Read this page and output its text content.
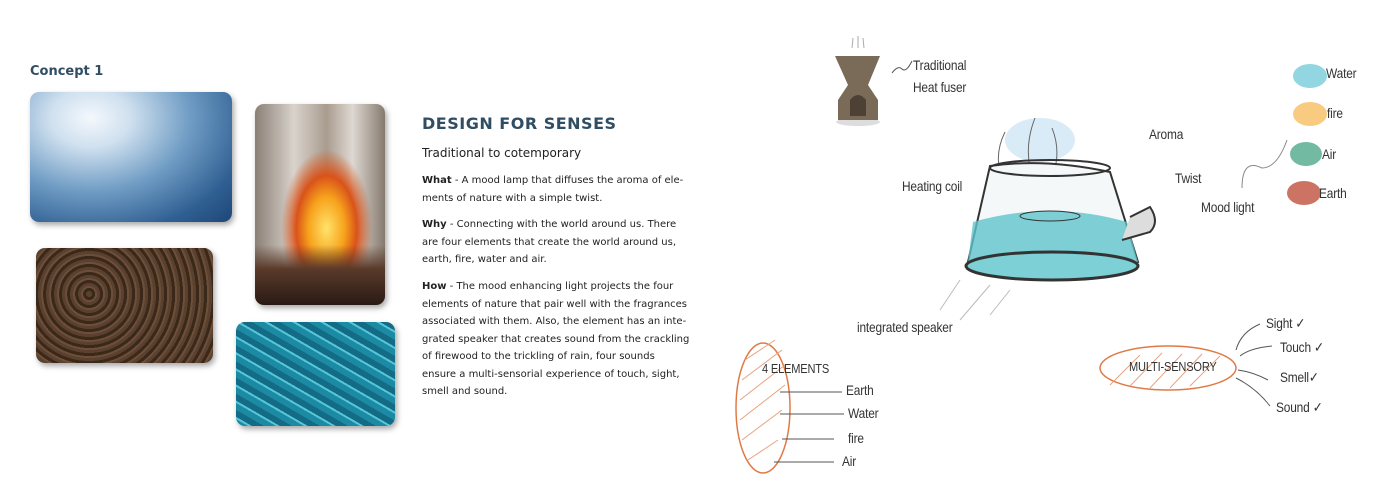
Concept 1
DESIGN FOR SENSES
Traditional to cotemporary
What - A mood lamp that diffuses the aroma of ele-ments of nature with a simple twist.
Why - Connecting with the world around us. There are four elements that create the world around us, earth, fire, water and air.
How - The mood enhancing light projects the four elements of nature that pair well with the fragrances associated with them. Also, the element has an inte-grated speaker that creates sound from the crackling of firewood to the trickling of rain, four sounds ensure a multi-sensorial experience of touch, sight, smell and sound.
Traditional
Heat fuser
Aroma
Heating coil	Twist
Mood light
integrated speaker
Water
fire
Air
Earth
4 ELEMENTS
Earth
Water
fire
Air
MULTI-SENSORY
Sight ✓
Touch ✓
Smell✓
Sound ✓
